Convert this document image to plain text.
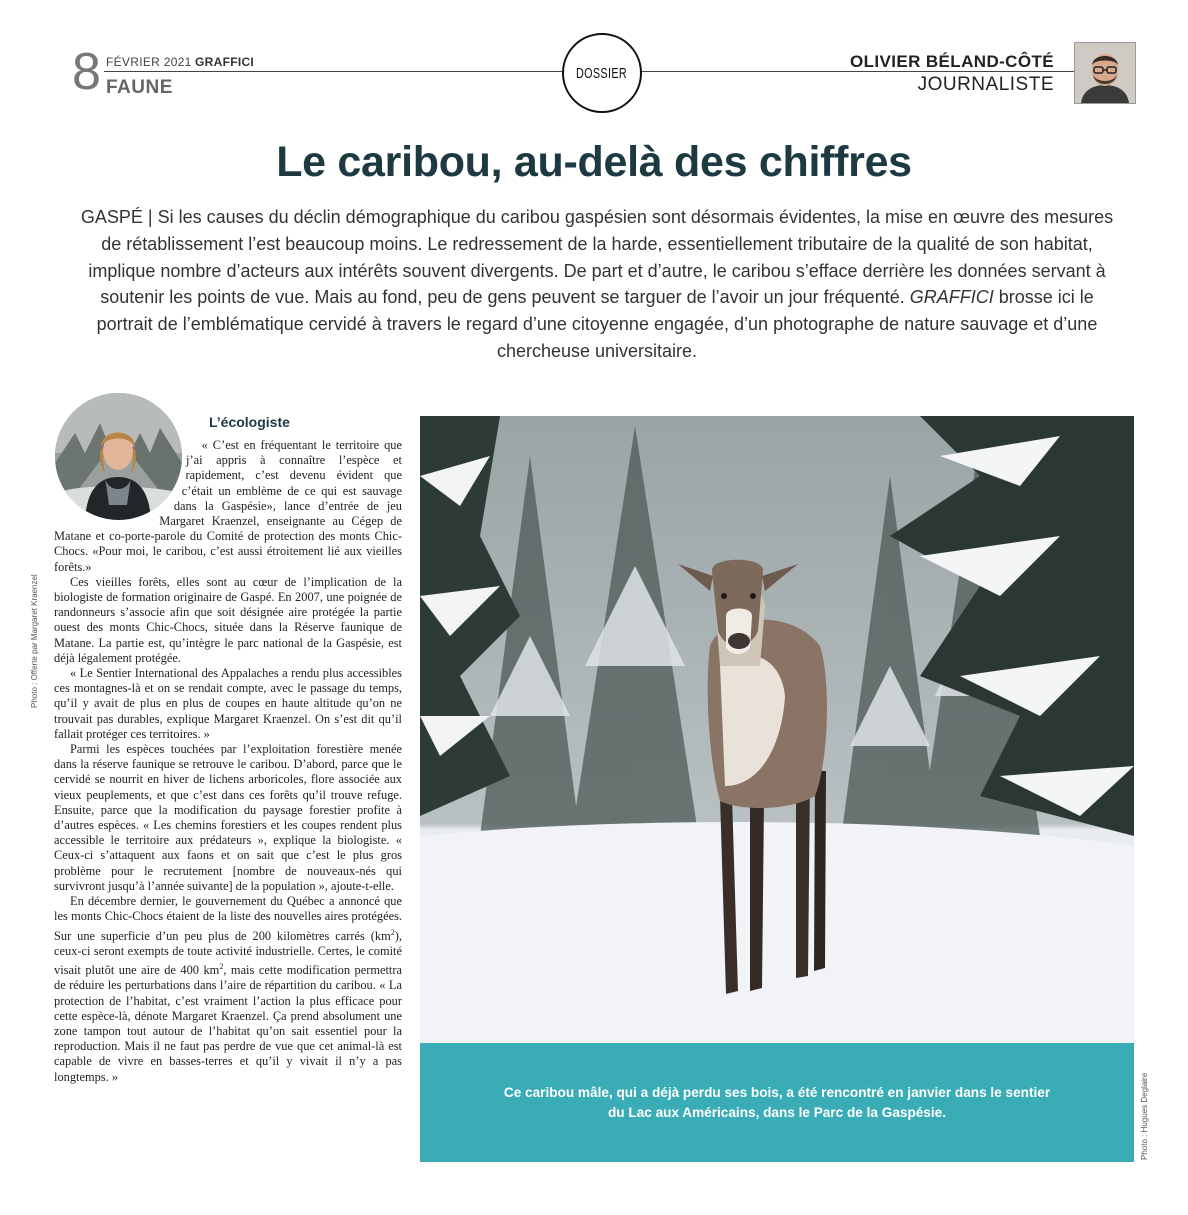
8 FÉVRIER 2021 GRAFFICI
FAUNE
DOSSIER
OLIVIER BÉLAND-CÔTÉ
JOURNALISTE
Le caribou, au-delà des chiffres

GASPÉ | Si les causes du déclin démographique du caribou gaspésien sont désormais évidentes, la mise en œuvre des mesures de rétablissement l’est beaucoup moins. Le redressement de la harde, essentiellement tributaire de la qualité de son habitat, implique nombre d’acteurs aux intérêts souvent divergents. De part et d’autre, le caribou s’efface derrière les données servant à soutenir les points de vue. Mais au fond, peu de gens peuvent se targuer de l’avoir un jour fréquenté. GRAFFICI brosse ici le portrait de l’emblématique cervidé à travers le regard d’une citoyenne engagée, d’un photographe de nature sauvage et d’une chercheuse universitaire.

Photo : Offerte par Margaret Kraenzel
L’écologiste

« C’est en fréquentant le territoire que j’ai appris à connaître l’espèce et rapidement, c’est devenu évident que c’était un emblème de ce qui est sauvage dans la Gaspésie», lance d’entrée de jeu Margaret Kraenzel, enseignante au Cégep de Matane et co-porte-parole du Comité de protection des monts Chic-Chocs. «Pour moi, le caribou, c’est aussi étroitement lié aux vieilles forêts.»

Ces vieilles forêts, elles sont au cœur de l’implication de la biologiste de formation originaire de Gaspé. En 2007, une poignée de randonneurs s’associe afin que soit désignée aire protégée la partie ouest des monts Chic-Chocs, située dans la Réserve faunique de Matane. La partie est, qu’intègre le parc national de la Gaspésie, est déjà légalement protégée.

« Le Sentier International des Appalaches a rendu plus accessibles ces montagnes-là et on se rendait compte, avec le passage du temps, qu’il y avait de plus en plus de coupes en haute altitude qu’on ne trouvait pas durables, explique Margaret Kraenzel. On s’est dit qu’il fallait protéger ces territoires. »

Parmi les espèces touchées par l’exploitation forestière menée dans la réserve faunique se retrouve le caribou. D’abord, parce que le cervidé se nourrit en hiver de lichens arboricoles, flore associée aux vieux peuplements, et que c’est dans ces forêts qu’il trouve refuge. Ensuite, parce que la modification du paysage forestier profite à d’autres espèces. « Les chemins forestiers et les coupes rendent plus accessible le territoire aux prédateurs », explique la biologiste. « Ceux-ci s’attaquent aux faons et on sait que c’est le plus gros problème pour le recrutement [nombre de nouveaux-nés qui survivront jusqu’à l’année suivante] de la population », ajoute-t-elle.

En décembre dernier, le gouvernement du Québec a annoncé que les monts Chic-Chocs étaient de la liste des nouvelles aires protégées. Sur une superficie d’un peu plus de 200 kilomètres carrés $(km^2)$, ceux-ci seront exempts de toute activité industrielle. Certes, le comité visait plutôt une aire de 400 $km^2$, mais cette modification permettra de réduire les perturbations dans l’aire de répartition du caribou. « La protection de l’habitat, c’est vraiment l’action la plus efficace pour cette espèce-là, dénote Margaret Kraenzel. Ça prend absolument une zone tampon tout autour de l’habitat qu’on sait essentiel pour la reproduction. Mais il ne faut pas perdre de vue que cet animal-là est capable de vivre en basses-terres et qu’il y vivait il n’y a pas longtemps. »

Ce caribou mâle, qui a déjà perdu ses bois, a été rencontré en janvier dans le sentier du Lac aux Américains, dans le Parc de la Gaspésie.	Photo : Hugues Deglaire
